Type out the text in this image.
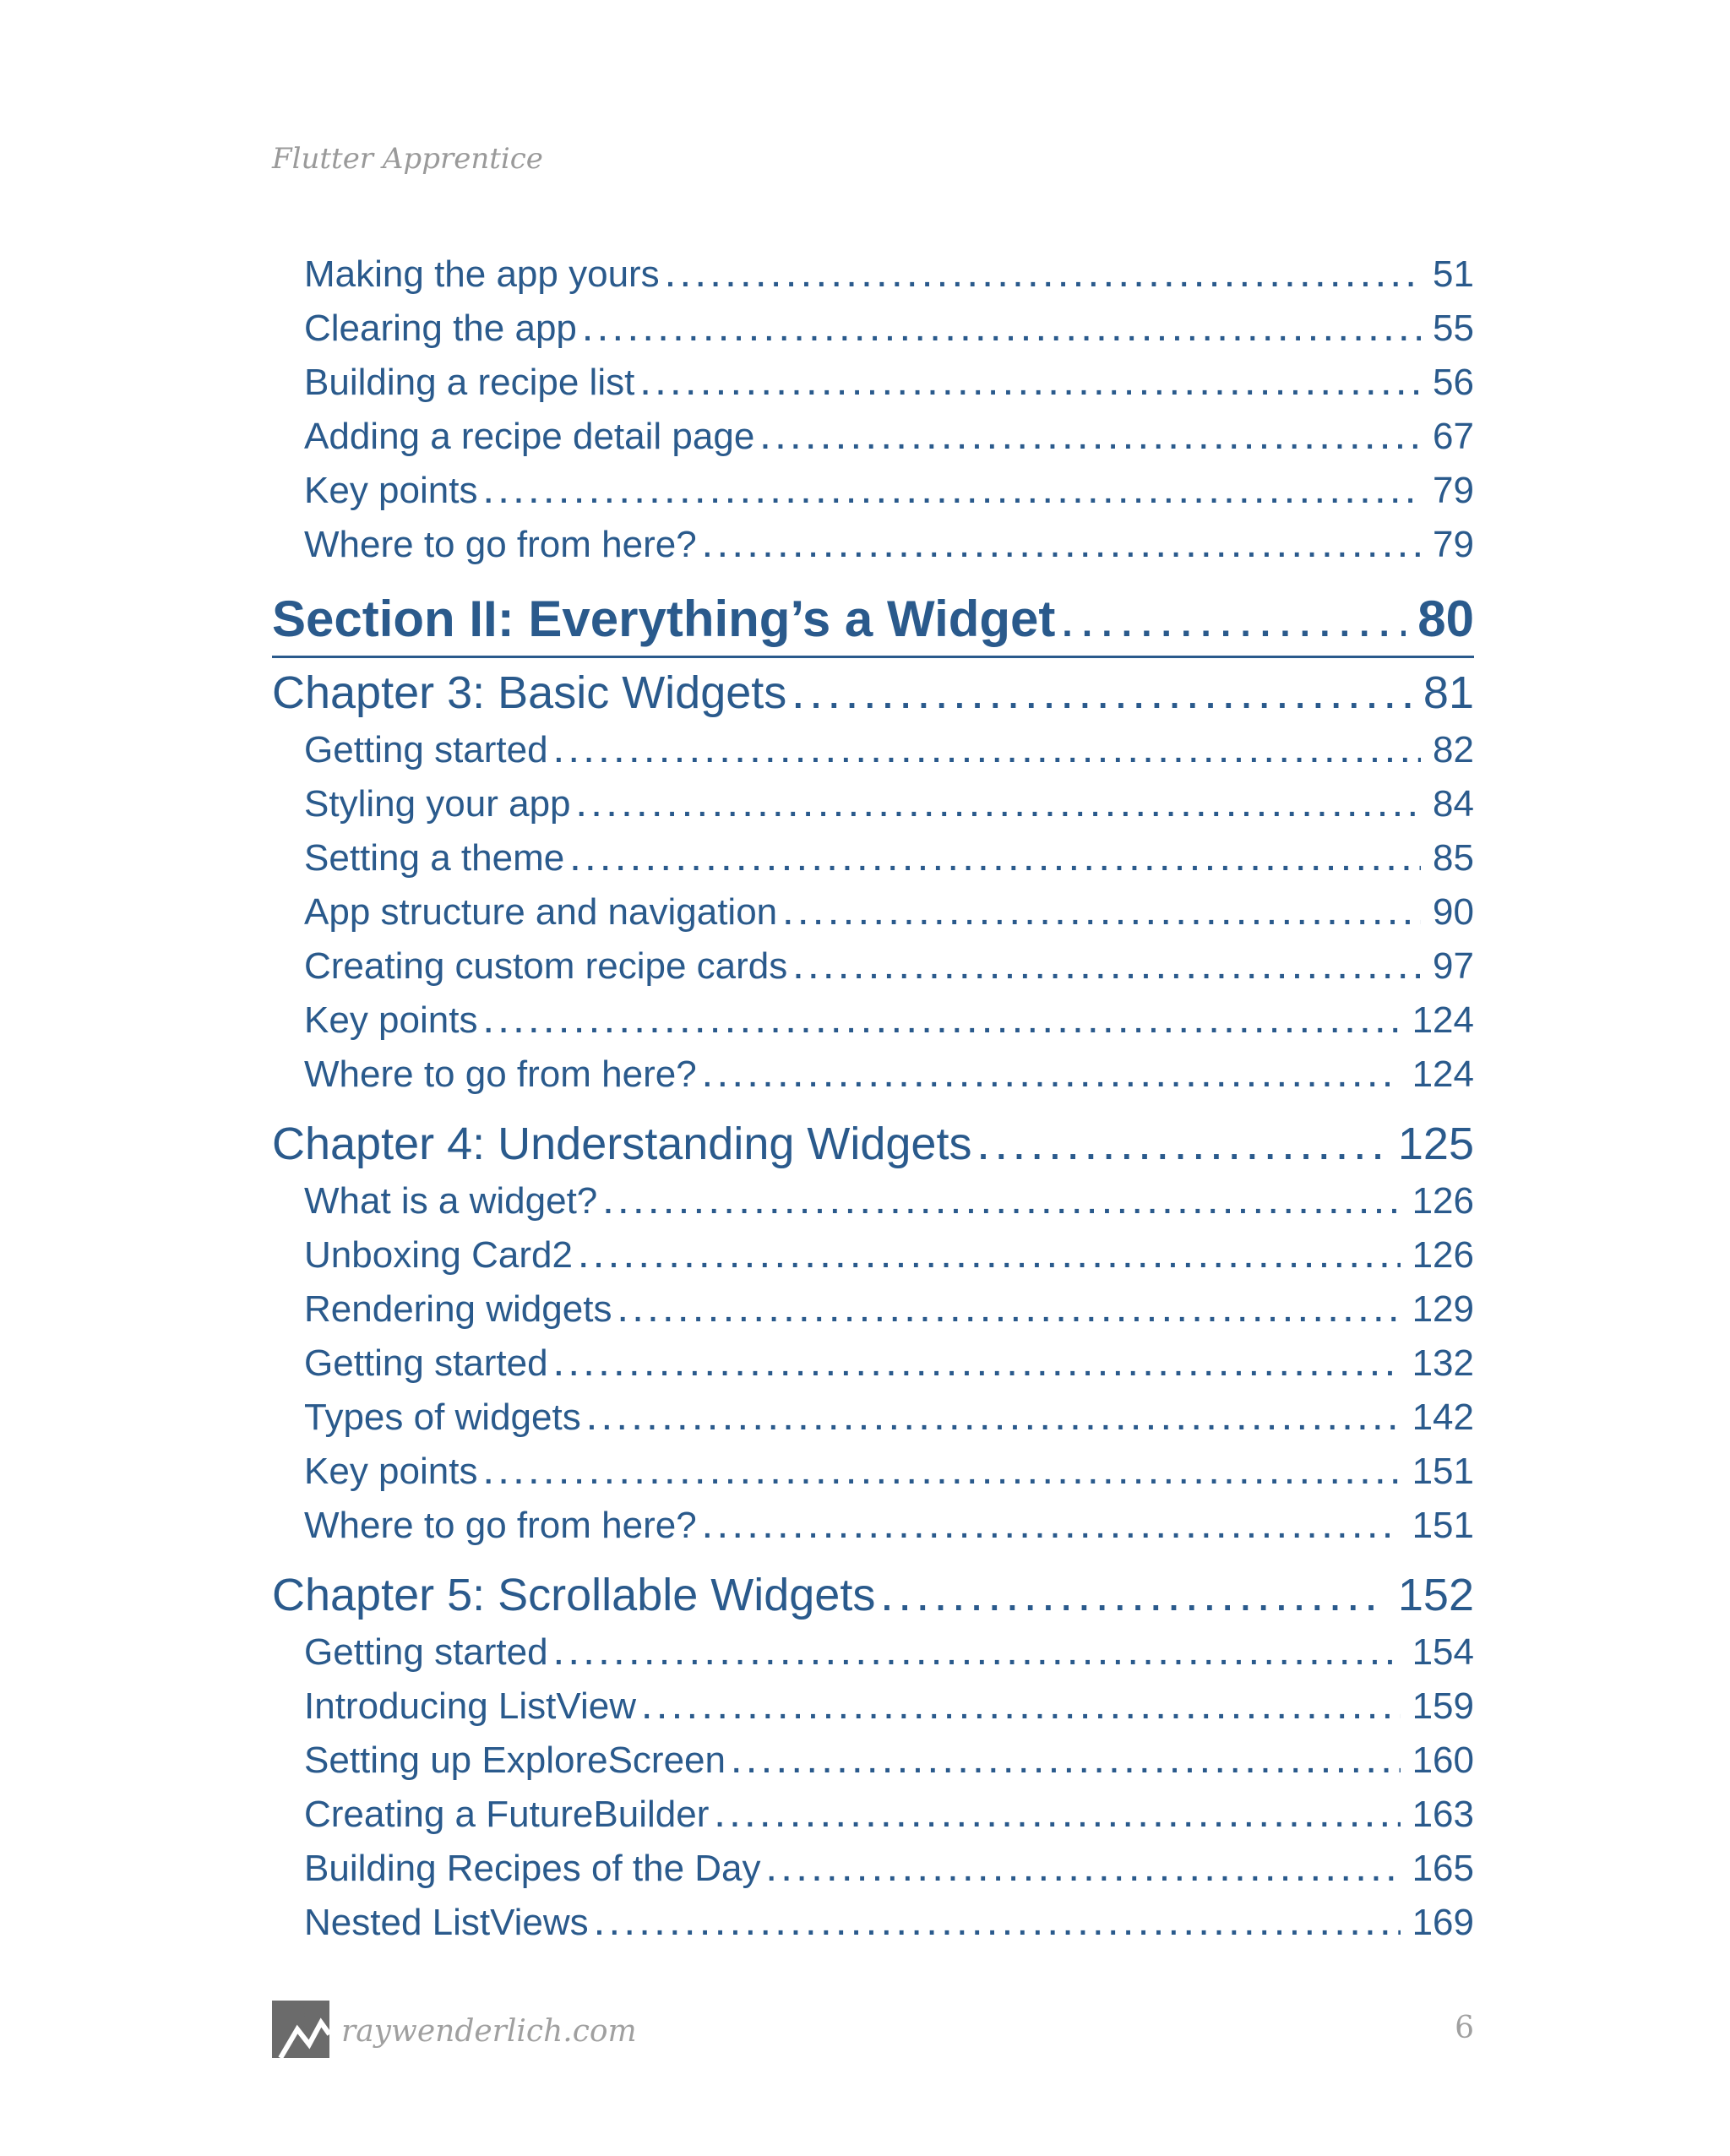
Flutter Apprentice
Making the app yours . . .	51
Clearing the app . . .	55
Building a recipe list . . .	56
Adding a recipe detail page . . .	67
Key points . . .	79
Where to go from here? . . .	79
Section II: Everything’s a Widget . . .	80
Chapter 3: Basic Widgets . . .	81
Getting started . . .	82
Styling your app . . .	84
Setting a theme . . .	85
App structure and navigation . . .	90
Creating custom recipe cards . . .	97
Key points . . .	124
Where to go from here? . . .	124
Chapter 4: Understanding Widgets . . .	125
What is a widget? . . .	126
Unboxing Card2 . . .	126
Rendering widgets . . .	129
Getting started . . .	132
Types of widgets . . .	142
Key points . . .	151
Where to go from here? . . .	151
Chapter 5: Scrollable Widgets . . .	152
Getting started . . .	154
Introducing ListView . . .	159
Setting up ExploreScreen . . .	160
Creating a FutureBuilder . . .	163
Building Recipes of the Day . . .	165
Nested ListViews . . .	169
raywenderlich.com	6
